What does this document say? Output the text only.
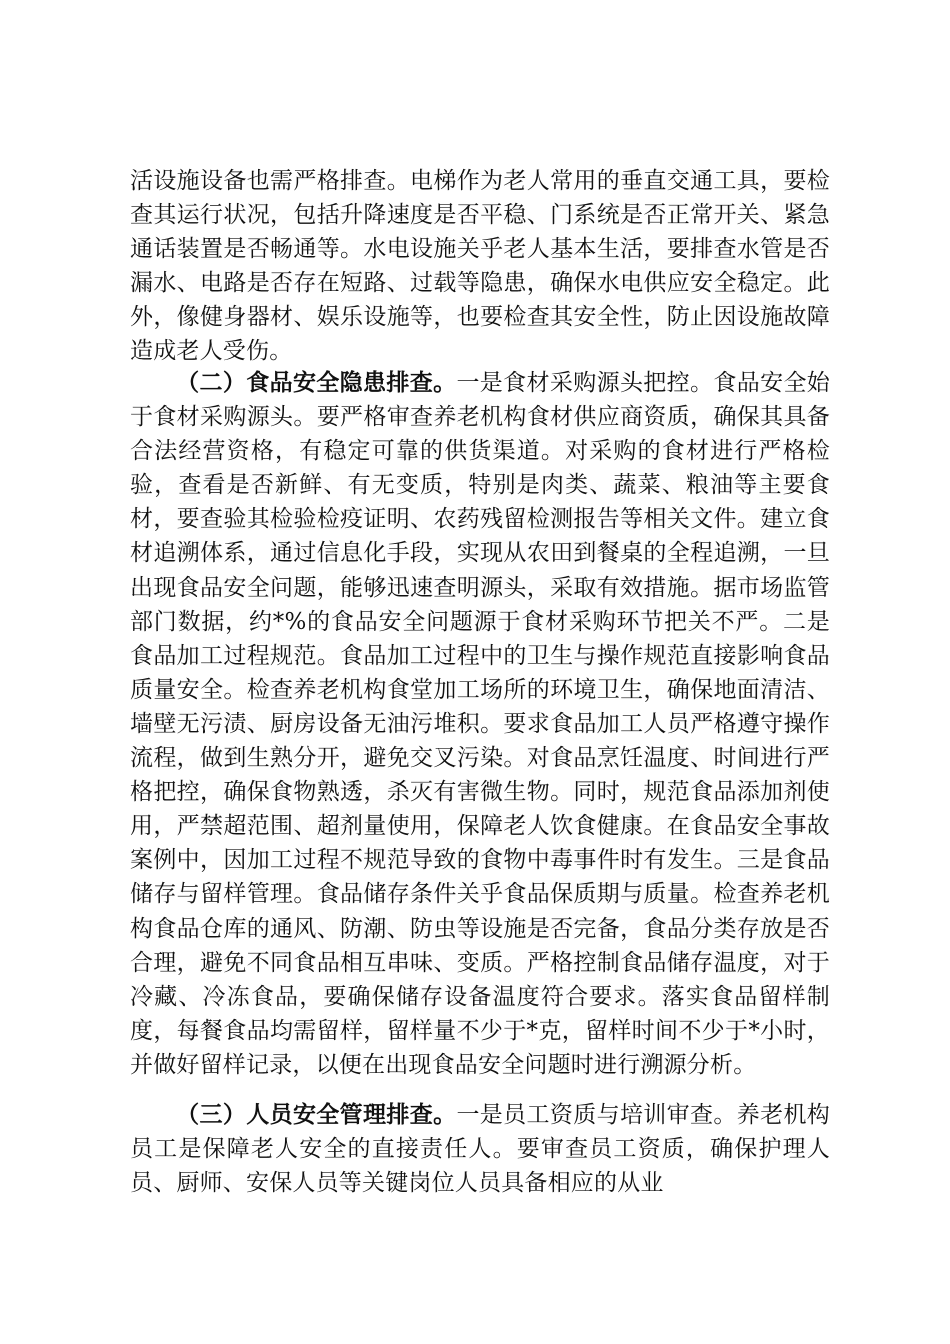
活设施设备也需严格排查。电梯作为老人常用的垂直交通工具，要检查其运行状况，包括升降速度是否平稳、门系统是否正常开关、紧急通话装置是否畅通等。水电设施关乎老人基本生活，要排查水管是否漏水、电路是否存在短路、过载等隐患，确保水电供应安全稳定。此外，像健身器材、娱乐设施等，也要检查其安全性，防止因设施故障造成老人受伤。

（二）食品安全隐患排查。一是食材采购源头把控。食品安全始于食材采购源头。要严格审查养老机构食材供应商资质，确保其具备合法经营资格，有稳定可靠的供货渠道。对采购的食材进行严格检验，查看是否新鲜、有无变质，特别是肉类、蔬菜、粮油等主要食材，要查验其检验检疫证明、农药残留检测报告等相关文件。建立食材追溯体系，通过信息化手段，实现从农田到餐桌的全程追溯，一旦出现食品安全问题，能够迅速查明源头，采取有效措施。据市场监管部门数据，约*%的食品安全问题源于食材采购环节把关不严。二是食品加工过程规范。食品加工过程中的卫生与操作规范直接影响食品质量安全。检查养老机构食堂加工场所的环境卫生，确保地面清洁、墙壁无污渍、厨房设备无油污堆积。要求食品加工人员严格遵守操作流程，做到生熟分开，避免交叉污染。对食品烹饪温度、时间进行严格把控，确保食物熟透，杀灭有害微生物。同时，规范食品添加剂使用，严禁超范围、超剂量使用，保障老人饮食健康。在食品安全事故案例中，因加工过程不规范导致的食物中毒事件时有发生。三是食品储存与留样管理。食品储存条件关乎食品保质期与质量。检查养老机构食品仓库的通风、防潮、防虫等设施是否完备，食品分类存放是否合理，避免不同食品相互串味、变质。严格控制食品储存温度，对于冷藏、冷冻食品，要确保储存设备温度符合要求。落实食品留样制度，每餐食品均需留样，留样量不少于*克，留样时间不少于*小时，并做好留样记录，以便在出现食品安全问题时进行溯源分析。

（三）人员安全管理排查。一是员工资质与培训审查。养老机构员工是保障老人安全的直接责任人。要审查员工资质，确保护理人员、厨师、安保人员等关键岗位人员具备相应的从业
